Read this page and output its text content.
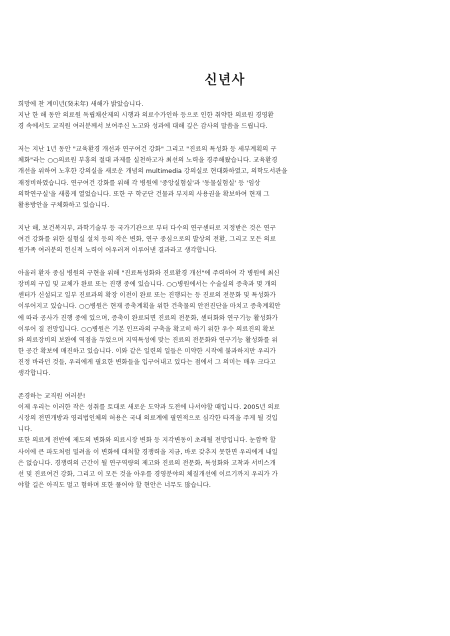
신년사
희망에 찬 계미년(癸未年) 새해가 밝았습니다.
지난 한 해 동안 의료원 독립채산제의 시행과 의료수가인하 등으로 인한 취약한 의료원 경영환
경 속에서도 교직원 여러분께서 보여주신 노고와 성과에 대해 깊은 감사의 말씀을 드립니다.
저는 지난 1년 동안 "교육환경 개선과 연구여건 강화" 그리고 "진료의 특성화 등 세부계획의 구
체화"라는 ○○의료원 부흥의 절대 과제를 실천하고자 최선의 노력을 경주해왔습니다. 교육환경
개선을 위하여 노후한 강의실을 새로운 개념의 multimedia 강의실로 현대화하였고, 의학도서관을
재정비하였습니다. 연구여건 강화를 위해 각 병원에 '중앙실험실'과 '동물실험실' 등 '임상
의학연구실'을 새롭게 열었습니다. 또한 구 학군단 건물과 부지의 사용권을 확보하여 현재 그
활용방안을 구체화하고 있습니다.
지난 해, 보건복지부, 과학기술부 등 국가기관으로 부터 다수의 연구센터로 지정받은 것은 연구
여건 강화를 위한 실험실 설치 등의 작은 변화, 연구 중심으로의 발상의 전환, 그리고 모든 의료
원가족 여러분의 헌신적 노력이 어우러져 이루어낸 결과라고 생각합니다.
아울러 환자 중심 병원의 구현을 위해 "진료특성화와 진료환경 개선"에 주력하여 각 병원에 최신
장비의 구입 및 교체가 완료 또는 진행 중에 있습니다. ○○병원에서는 수술실의 증축과 몇 개의
센터가 신설되고 일부 진료과의 확장 이전이 완료 또는 진행되는 등 진료의 전문화 및 특성화가
이루어지고 있습니다. ○○병원은 현재 증축계획을 위한 건축물의 안전진단을 마치고 증축계획안
에 따라 공사가 진행 중에 있으며, 증축이 완료되면 진료의 전문화, 센터화와 연구기능 활성화가
이루어 질 전망입니다. ○○병원은 기본 인프라의 구축을 확고히 하기 위한 우수 의료진의 확보
와 의료장비의 보완에 역점을 두었으며 지역특성에 맞는 진료의 전문화와 연구기능 활성화를 위
한 공간 확보에 매진하고 있습니다. 이와 같은 일련의 일들은 미약한 시작에 불과하지만 우리가
진정 바라던 것들, 우리에게 필요한 변화들을 입구어내고 있다는 점에서 그 의미는 매우 크다고
생각합니다.
존경하는 교직원 여러분!
이제 우리는 이러한 작은 성취를 토대로 새로운 도약과 도전에 나서야할 때입니다. 2005년 의료
시장의 전면개방과 영리법인체의 허용은 국내 의료계에 필연적으로 심각한 타격을 주게 될 것입
니다.
또한 의료계 전반에 제도의 변화와 의료시장 변화 등 지각변동이 초래될 전망입니다. 눈깜짝 할
사이에 큰 파도처럼 밀려올 이 변화에 대처할 경쟁력을 지금, 바로 갖추지 못한면 우리에게 내일
은 없습니다. 경쟁력의 근간이 될 연구역량의 제고와 진료의 전문화, 특성화와 고착과 서비스개
선 및 진료여건 강화, 그리고 이 모든 것을 아우를 경영분야의 체질개선에 이르기까지 우리가 가
야할 길은 아직도 멀고 험하며 또한 풀어야 할 현안은 너무도 많습니다.
